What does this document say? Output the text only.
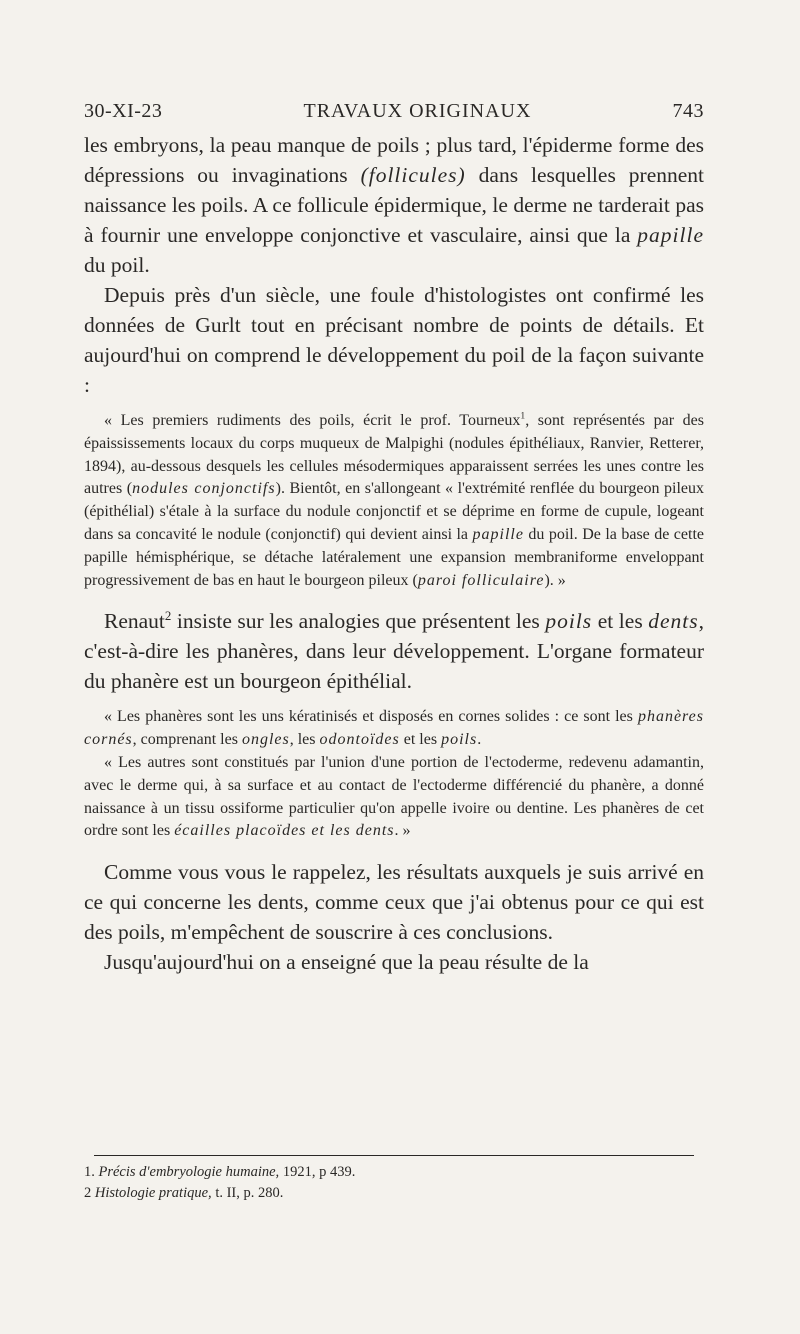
30-XI-23	TRAVAUX ORIGINAUX	743

les embryons, la peau manque de poils ; plus tard, l'épiderme forme des dépressions ou invaginations (follicules) dans lesquelles prennent naissance les poils. A ce follicule épidermique, le derme ne tarderait pas à fournir une enveloppe conjonctive et vasculaire, ainsi que la papille du poil.

Depuis près d'un siècle, une foule d'histologistes ont confirmé les données de Gurlt tout en précisant nombre de points de détails. Et aujourd'hui on comprend le développement du poil de la façon suivante :

« Les premiers rudiments des poils, écrit le prof. Tourneux$^1$, sont représentés par des épaississements locaux du corps muqueux de Malpighi (nodules épithéliaux, Ranvier, Retterer, 1894), au-dessous desquels les cellules mésodermiques apparaissent serrées les unes contre les autres (nodules conjonctifs). Bientôt, en s'allongeant « l'extrémité renflée du bourgeon pileux (épithélial) s'étale à la surface du nodule conjonctif et se déprime en forme de cupule, logeant dans sa concavité le nodule (conjonctif) qui devient ainsi la papille du poil. De la base de cette papille hémisphérique, se détache latéralement une expansion membraniforme enveloppant progressivement de bas en haut le bourgeon pileux (paroi folliculaire). »

Renaut$^2$ insiste sur les analogies que présentent les poils et les dents, c'est-à-dire les phanères, dans leur développement. L'organe formateur du phanère est un bourgeon épithélial.

« Les phanères sont les uns kératinisés et disposés en cornes solides : ce sont les phanères cornés, comprenant les ongles, les odontoïdes et les poils.

« Les autres sont constitués par l'union d'une portion de l'ectoderme, redevenu adamantin, avec le derme qui, à sa surface et au contact de l'ectoderme différencié du phanère, a donné naissance à un tissu ossiforme particulier qu'on appelle ivoire ou dentine. Les phanères de cet ordre sont les écailles placoïdes et les dents. »

Comme vous vous le rappelez, les résultats auxquels je suis arrivé en ce qui concerne les dents, comme ceux que j'ai obtenus pour ce qui est des poils, m'empêchent de souscrire à ces conclusions.

Jusqu'aujourd'hui on a enseigné que la peau résulte de la

1. Précis d'embryologie humaine, 1921, p 439.
2 Histologie pratique, t. II, p. 280.
